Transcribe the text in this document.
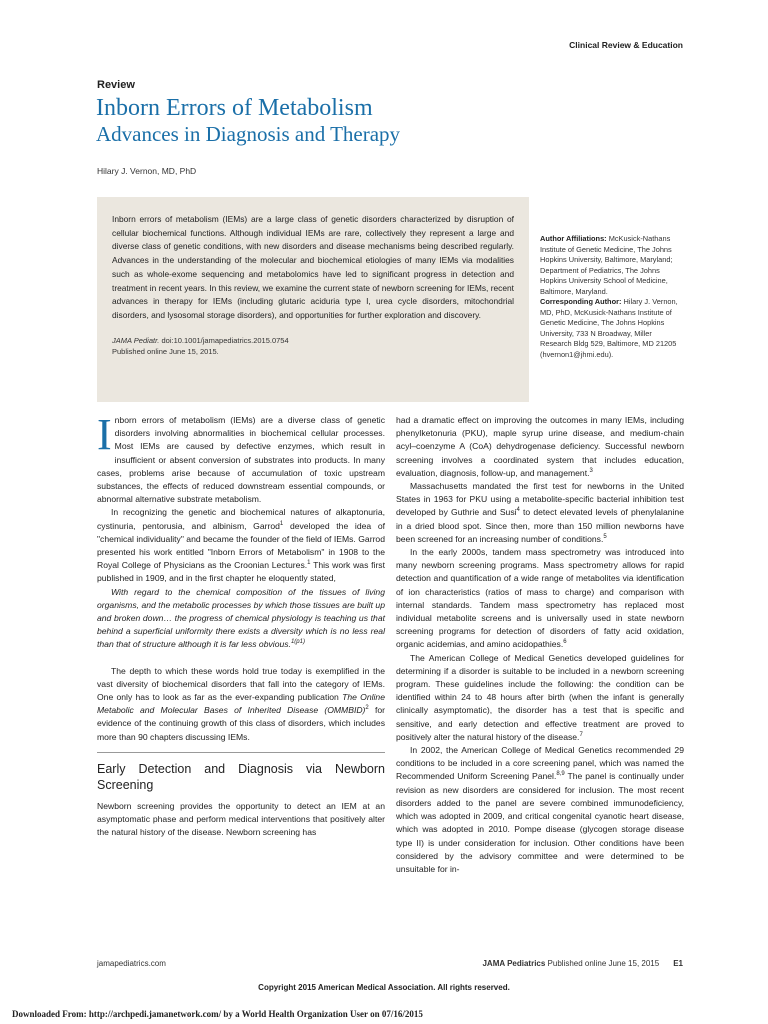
Clinical Review & Education
Review
Inborn Errors of Metabolism
Advances in Diagnosis and Therapy
Hilary J. Vernon, MD, PhD
Inborn errors of metabolism (IEMs) are a large class of genetic disorders characterized by disruption of cellular biochemical functions. Although individual IEMs are rare, collectively they represent a large and diverse class of genetic conditions, with new disorders and disease mechanisms being described regularly. Advances in the understanding of the molecular and biochemical etiologies of many IEMs via modalities such as whole-exome sequencing and metabolomics have led to significant progress in detection and treatment in recent years. In this review, we examine the current state of newborn screening for IEMs, recent advances in therapy for IEMs (including glutaric aciduria type I, urea cycle disorders, mitochondrial disorders, and lysosomal storage disorders), and opportunities for further exploration and discovery.
JAMA Pediatr. doi:10.1001/jamapediatrics.2015.0754
Published online June 15, 2015.
Author Affiliations: McKusick-Nathans Institute of Genetic Medicine, The Johns Hopkins University, Baltimore, Maryland; Department of Pediatrics, The Johns Hopkins University School of Medicine, Baltimore, Maryland.
Corresponding Author: Hilary J. Vernon, MD, PhD, McKusick-Nathans Institute of Genetic Medicine, The Johns Hopkins University, 733 N Broadway, Miller Research Bldg 529, Baltimore, MD 21205 (hvernon1@jhmi.edu).

Inborn errors of metabolism (IEMs) are a diverse class of genetic disorders involving abnormalities in biochemical cellular processes. Most IEMs are caused by defective enzymes, which result in insufficient or absent conversion of substrates into products. In many cases, problems arise because of accumulation of toxic upstream substances, the effects of reduced downstream essential compounds, or abnormal alternative substrate metabolism.

In recognizing the genetic and biochemical natures of alkaptonuria, cystinuria, pentorusia, and albinism, Garrod$^1$ developed the idea of "chemical individuality" and became the founder of the field of IEMs. Garrod presented his work entitled "Inborn Errors of Metabolism" in 1908 to the Royal College of Physicians as the Croonian Lectures.$^1$ This work was first published in 1909, and in the first chapter he eloquently stated,

With regard to the chemical composition of the tissues of living organisms, and the metabolic processes by which those tissues are built up and broken down… the progress of chemical physiology is teaching us that behind a superficial uniformity there exists a diversity which is no less real than that of structure although it is far less obvious.$^{1(p1)}$

The depth to which these words hold true today is exemplified in the vast diversity of biochemical disorders that fall into the category of IEMs. One only has to look as far as the ever-expanding publication The Online Metabolic and Molecular Bases of Inherited Disease (OMMBID)$^2$ for evidence of the continuing growth of this class of disorders, which includes more than 90 chapters discussing IEMs.

Early Detection and Diagnosis via Newborn Screening

Newborn screening provides the opportunity to detect an IEM at an asymptomatic phase and perform medical interventions that positively alter the natural history of the disease. Newborn screening has

had a dramatic effect on improving the outcomes in many IEMs, including phenylketonuria (PKU), maple syrup urine disease, and medium-chain acyl–coenzyme A (CoA) dehydrogenase deficiency. Successful newborn screening involves a coordinated system that includes education, evaluation, diagnosis, follow-up, and management.$^3$

Massachusetts mandated the first test for newborns in the United States in 1963 for PKU using a metabolite-specific bacterial inhibition test developed by Guthrie and Susi$^4$ to detect elevated levels of phenylalanine in a dried blood spot. Since then, more than 150 million newborns have been screened for an increasing number of conditions.$^5$

In the early 2000s, tandem mass spectrometry was introduced into many newborn screening programs. Mass spectrometry allows for rapid detection and quantification of a wide range of metabolites via identification of ion characteristics (ratios of mass to charge) and comparison with internal standards. Tandem mass spectrometry has replaced most individual metabolite screens and is universally used in state newborn screening programs for detection of disorders of fatty acid oxidation, organic acidemias, and amino acidopathies.$^6$

The American College of Medical Genetics developed guidelines for determining if a disorder is suitable to be included in a newborn screening program. These guidelines include the following: the condition can be identified within 24 to 48 hours after birth (when the infant is generally clinically asymptomatic), the disorder has a test that is specific and sensitive, and early detection and effective treatment are proved to positively alter the natural history of the disease.$^7$

In 2002, the American College of Medical Genetics recommended 29 conditions to be included in a core screening panel, which was named the Recommended Uniform Screening Panel.$^{8,9}$ The panel is continually under revision as new disorders are considered for inclusion. The most recent disorders added to the panel are severe combined immunodeficiency, which was adopted in 2009, and critical congenital cyanotic heart disease, which was adopted in 2010. Pompe disease (glycogen storage disease type II) is under consideration for inclusion. Other conditions have been considered by the advisory committee and were determined to be unsuitable for in-

jamapediatrics.com	JAMA Pediatrics Published online June 15, 2015 E1
Copyright 2015 American Medical Association. All rights reserved.
Downloaded From: http://archpedi.jamanetwork.com/ by a World Health Organization User on 07/16/2015
